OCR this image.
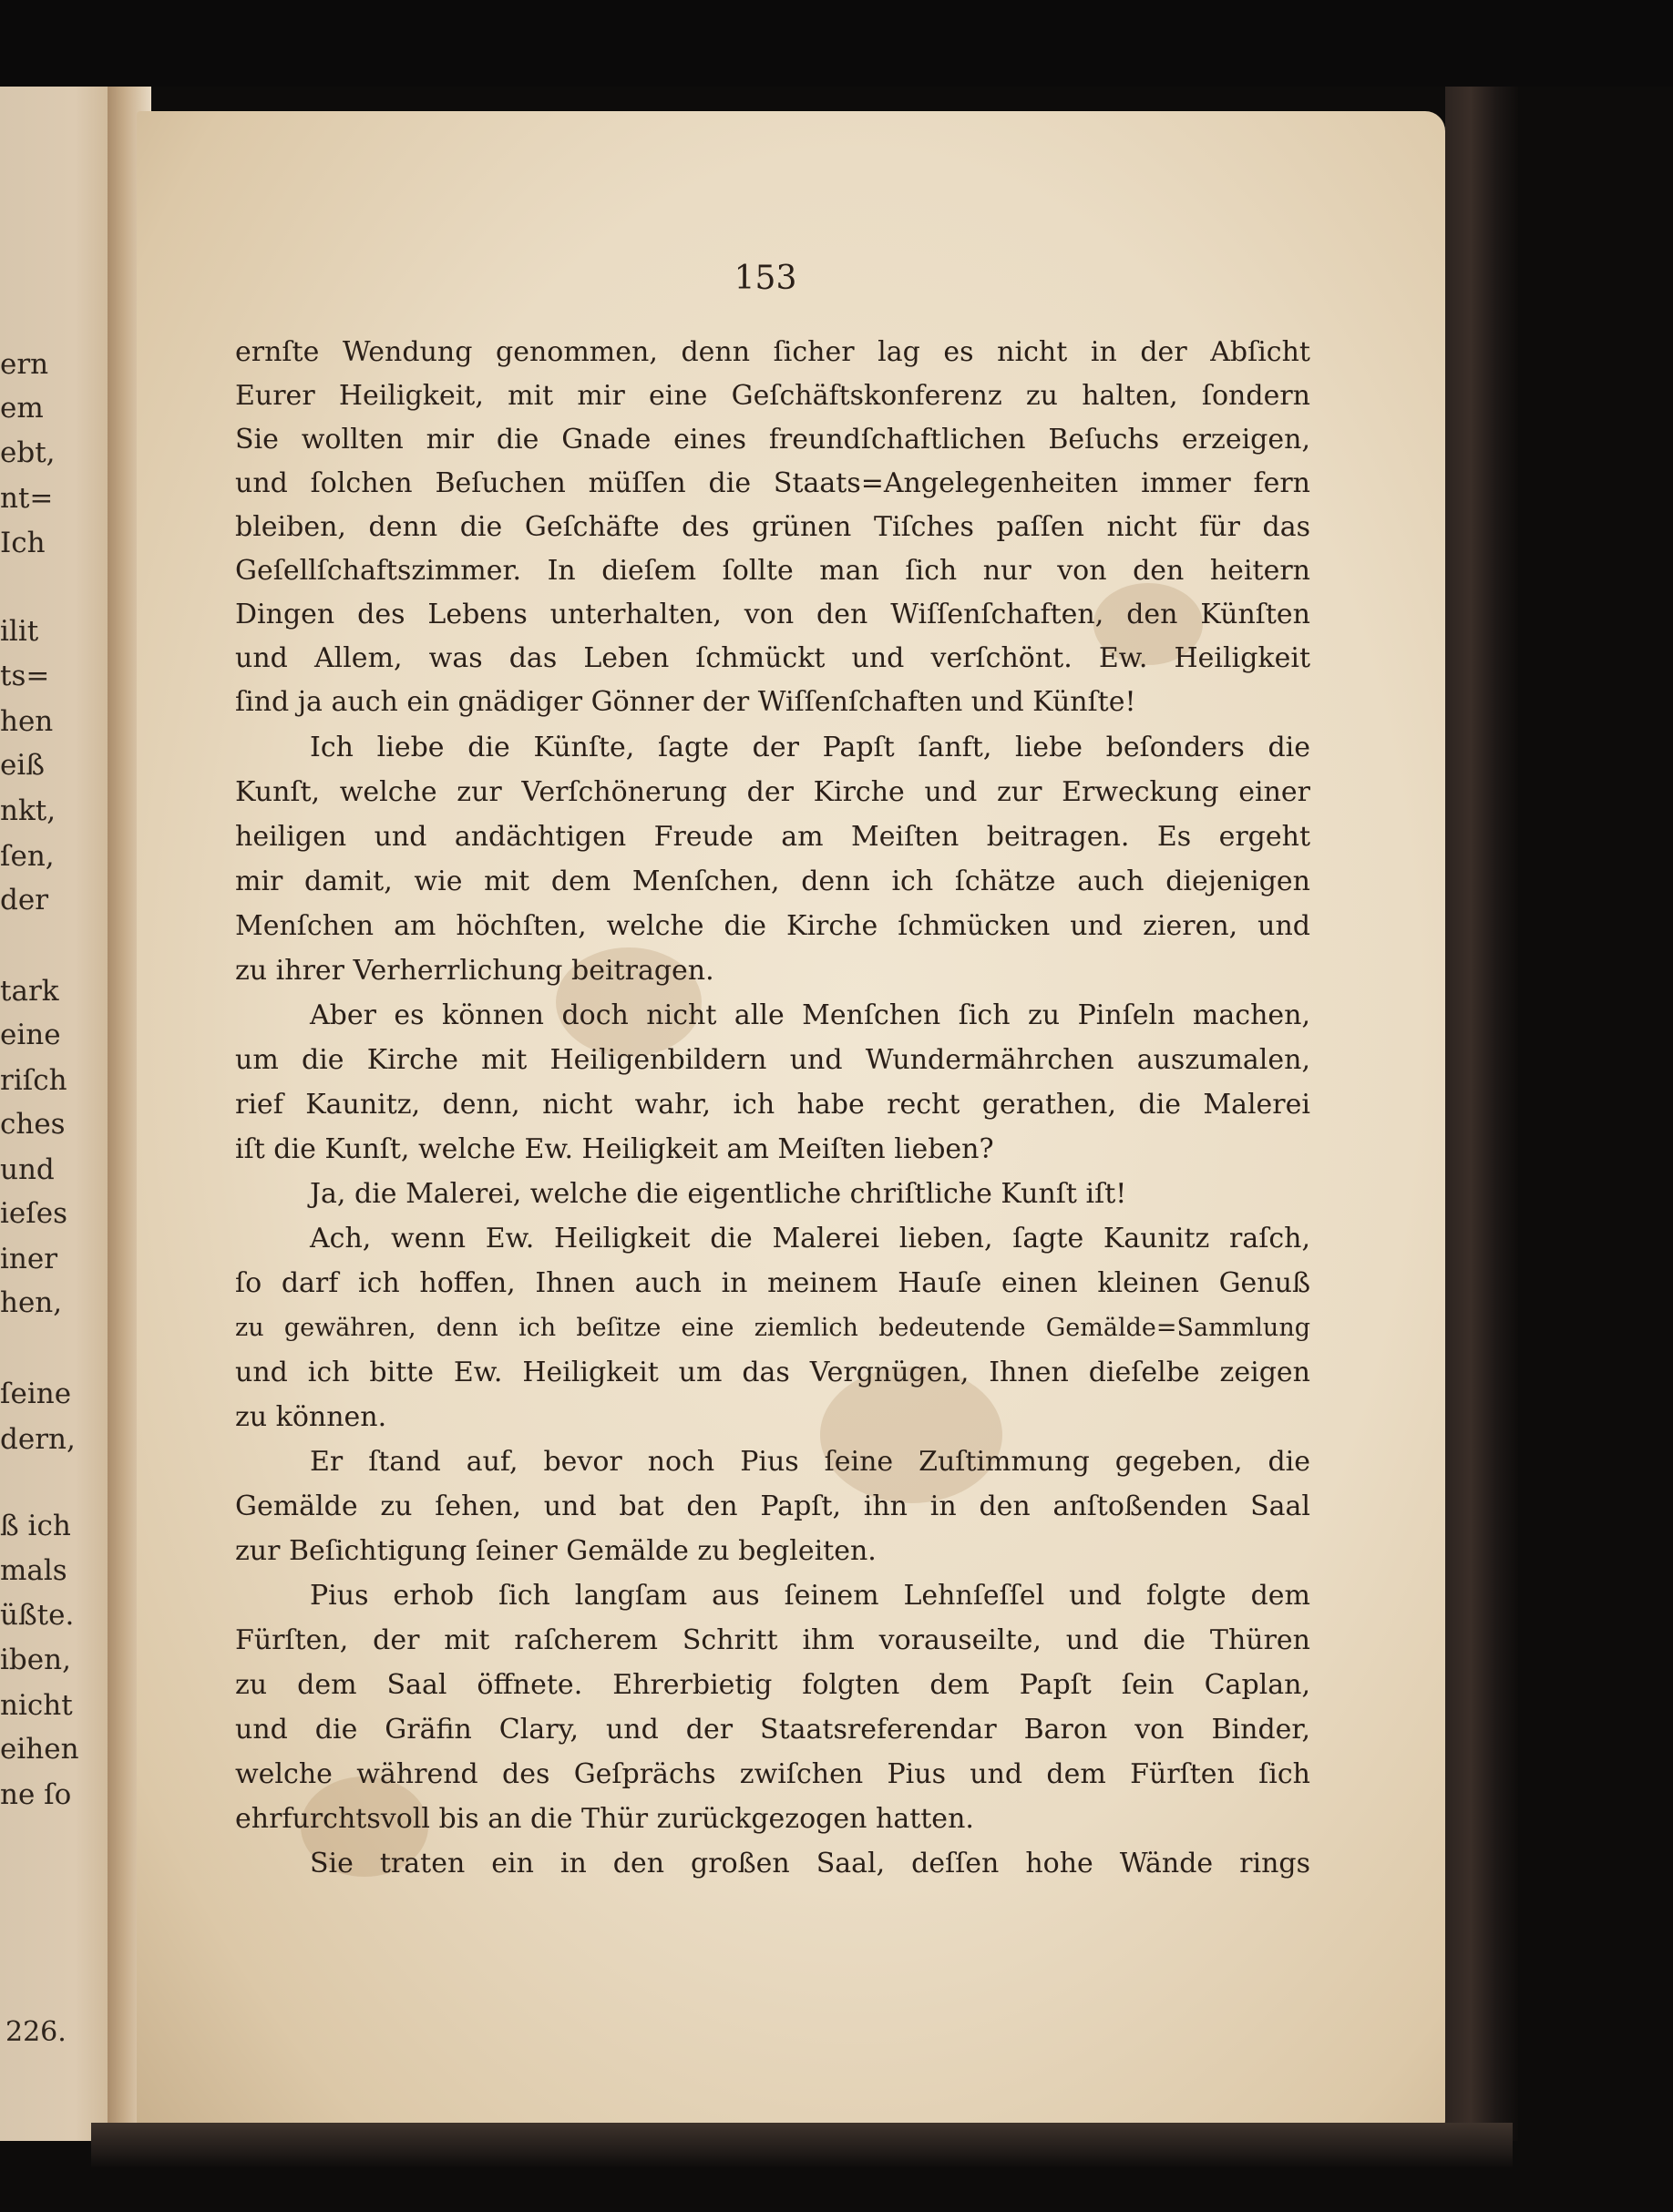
ern
em
ebt,
nt=
Ich
ilit
ts=
hen
eiß
nkt,
ſen,
der
tark
eine
riſch
ches
und
ieſes
iner
hen,
ſeine
dern,
ß ich
mals
üßte.
iben,
nicht
eihen
ne ſo
226.
153
ernſte Wendung genommen, denn ſicher lag es nicht in der Abſicht
Eurer Heiligkeit, mit mir eine Geſchäftskonferenz zu halten, ſondern
Sie wollten mir die Gnade eines freundſchaftlichen Beſuchs erzeigen,
und ſolchen Beſuchen müſſen die Staats=Angelegenheiten immer fern
bleiben, denn die Geſchäfte des grünen Tiſches paſſen nicht für das
Geſellſchaftszimmer. In dieſem ſollte man ſich nur von den heitern
Dingen des Lebens unterhalten, von den Wiſſenſchaften, den Künſten
und Allem, was das Leben ſchmückt und verſchönt. Ew. Heiligkeit
ſind ja auch ein gnädiger Gönner der Wiſſenſchaften und Künſte!
Ich liebe die Künſte, ſagte der Papſt ſanft, liebe beſonders die
Kunſt, welche zur Verſchönerung der Kirche und zur Erweckung einer
heiligen und andächtigen Freude am Meiſten beitragen. Es ergeht
mir damit, wie mit dem Menſchen, denn ich ſchätze auch diejenigen
Menſchen am höchſten, welche die Kirche ſchmücken und zieren, und
zu ihrer Verherrlichung beitragen.
Aber es können doch nicht alle Menſchen ſich zu Pinſeln machen,
um die Kirche mit Heiligenbildern und Wundermährchen auszumalen,
rief Kaunitz, denn, nicht wahr, ich habe recht gerathen, die Malerei
iſt die Kunſt, welche Ew. Heiligkeit am Meiſten lieben?
Ja, die Malerei, welche die eigentliche chriſtliche Kunſt iſt!
Ach, wenn Ew. Heiligkeit die Malerei lieben, ſagte Kaunitz raſch,
ſo darf ich hoffen, Ihnen auch in meinem Hauſe einen kleinen Genuß
zu gewähren, denn ich beſitze eine ziemlich bedeutende Gemälde=Sammlung
und ich bitte Ew. Heiligkeit um das Vergnügen, Ihnen dieſelbe zeigen
zu können.
Er ſtand auf, bevor noch Pius ſeine Zuſtimmung gegeben, die
Gemälde zu ſehen, und bat den Papſt, ihn in den anſtoßenden Saal
zur Beſichtigung ſeiner Gemälde zu begleiten.
Pius erhob ſich langſam aus ſeinem Lehnſeſſel und folgte dem
Fürſten, der mit raſcherem Schritt ihm vorauseilte, und die Thüren
zu dem Saal öffnete. Ehrerbietig folgten dem Papſt ſein Caplan,
und die Gräfin Clary, und der Staatsreferendar Baron von Binder,
welche während des Geſprächs zwiſchen Pius und dem Fürſten ſich
ehrfurchtsvoll bis an die Thür zurückgezogen hatten.
Sie traten ein in den großen Saal, deſſen hohe Wände rings
